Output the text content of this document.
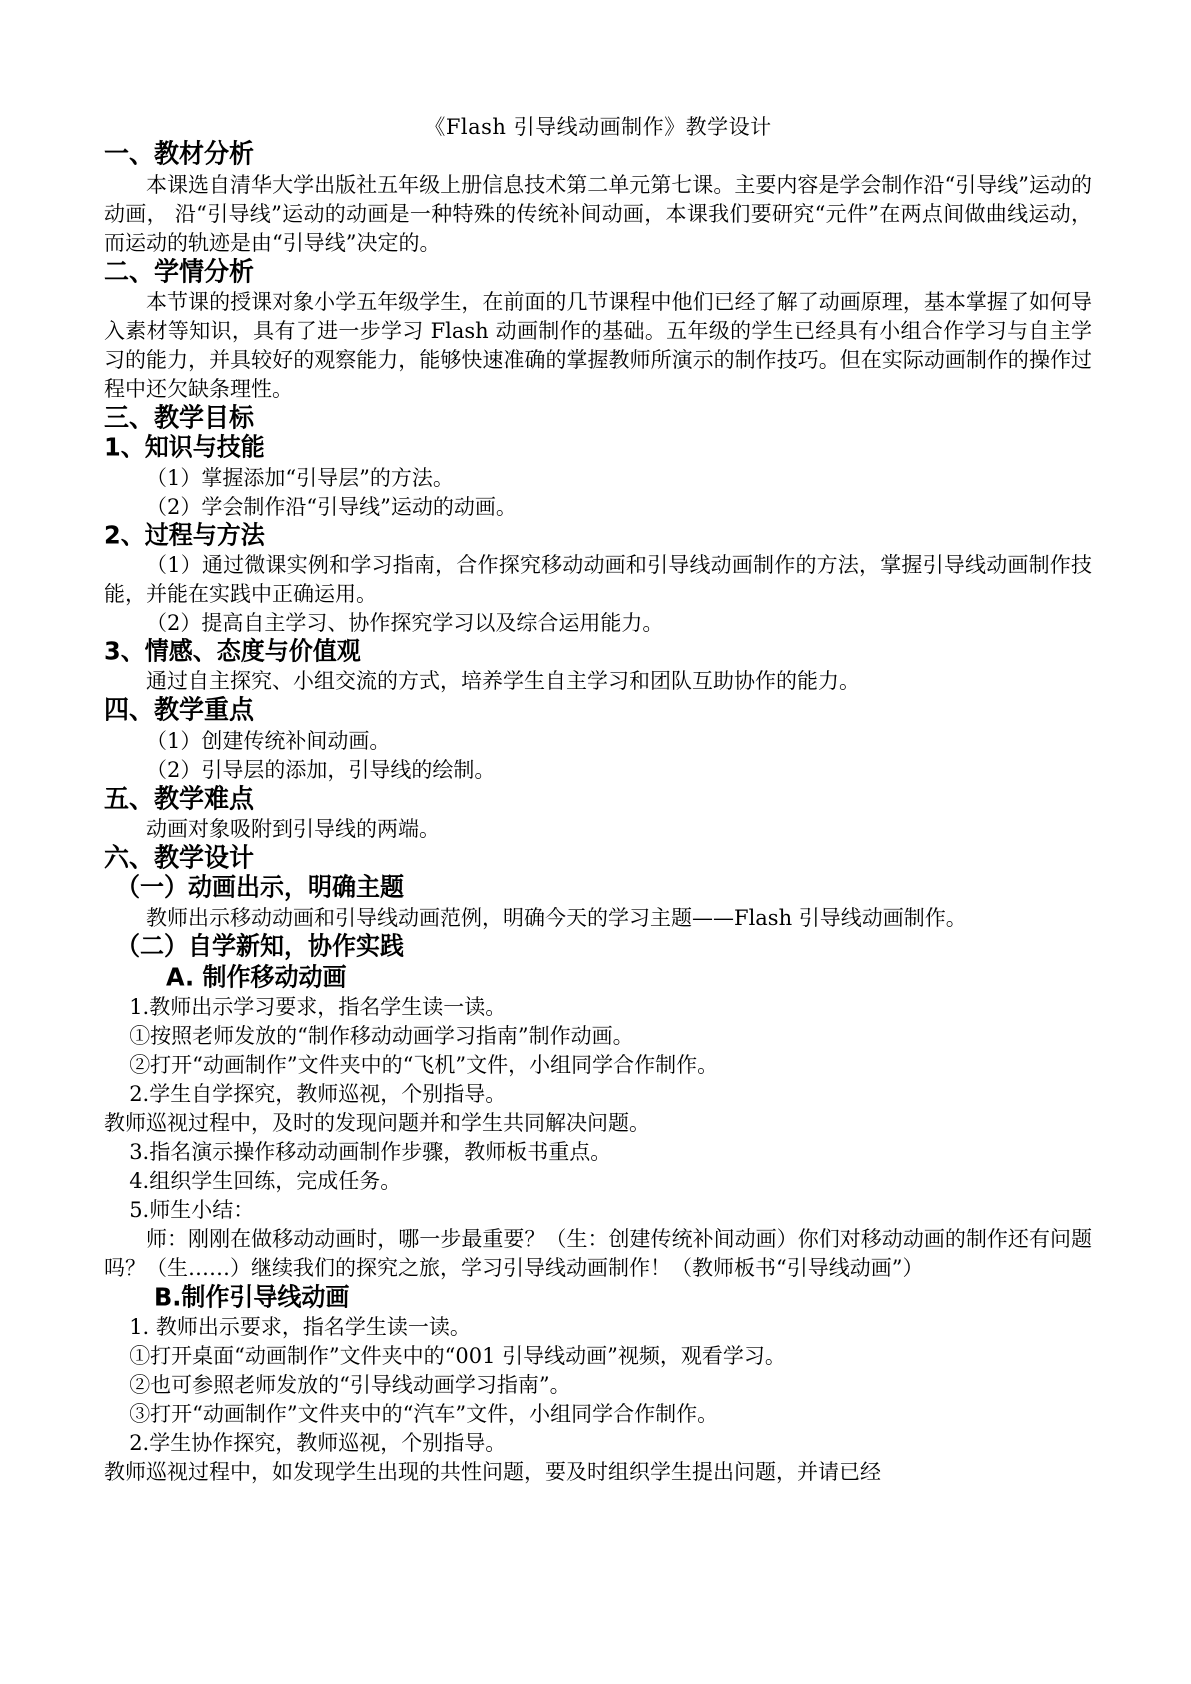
《Flash 引导线动画制作》教学设计
一、教材分析

本课选自清华大学出版社五年级上册信息技术第二单元第七课。主要内容是学会制作沿“引导线”运动的动画， 沿“引导线”运动的动画是一种特殊的传统补间动画，本课我们要研究“元件”在两点间做曲线运动，而运动的轨迹是由“引导线”决定的。

二、学情分析

本节课的授课对象小学五年级学生，在前面的几节课程中他们已经了解了动画原理，基本掌握了如何导入素材等知识，具有了进一步学习 Flash 动画制作的基础。五年级的学生已经具有小组合作学习与自主学习的能力，并具较好的观察能力，能够快速准确的掌握教师所演示的制作技巧。但在实际动画制作的操作过程中还欠缺条理性。

三、教学目标
1、知识与技能

（1）掌握添加“引导层”的方法。

（2）学会制作沿“引导线”运动的动画。

2、过程与方法

（1）通过微课实例和学习指南，合作探究移动动画和引导线动画制作的方法，掌握引导线动画制作技能，并能在实践中正确运用。

（2）提高自主学习、协作探究学习以及综合运用能力。

3、情感、态度与价值观

通过自主探究、小组交流的方式，培养学生自主学习和团队互助协作的能力。

四、教学重点

（1）创建传统补间动画。

（2）引导层的添加，引导线的绘制。

五、教学难点

动画对象吸附到引导线的两端。

六、教学设计
（一）动画出示，明确主题

教师出示移动动画和引导线动画范例，明确今天的学习主题——Flash 引导线动画制作。

（二）自学新知，协作实践
A. 制作移动动画

1.教师出示学习要求，指名学生读一读。

①按照老师发放的“制作移动动画学习指南”制作动画。

②打开“动画制作”文件夹中的“飞机”文件，小组同学合作制作。

2.学生自学探究，教师巡视，个别指导。

教师巡视过程中，及时的发现问题并和学生共同解决问题。

3.指名演示操作移动动画制作步骤，教师板书重点。

4.组织学生回练，完成任务。

5.师生小结：

师：刚刚在做移动动画时，哪一步最重要？（生：创建传统补间动画）你们对移动动画的制作还有问题吗？（生……）继续我们的探究之旅，学习引导线动画制作！（教师板书“引导线动画”）

B.制作引导线动画

1. 教师出示要求，指名学生读一读。

①打开桌面“动画制作”文件夹中的“001 引导线动画”视频，观看学习。

②也可参照老师发放的“引导线动画学习指南”。

③打开“动画制作”文件夹中的“汽车”文件，小组同学合作制作。

2.学生协作探究，教师巡视，个别指导。

教师巡视过程中，如发现学生出现的共性问题，要及时组织学生提出问题，并请已经
